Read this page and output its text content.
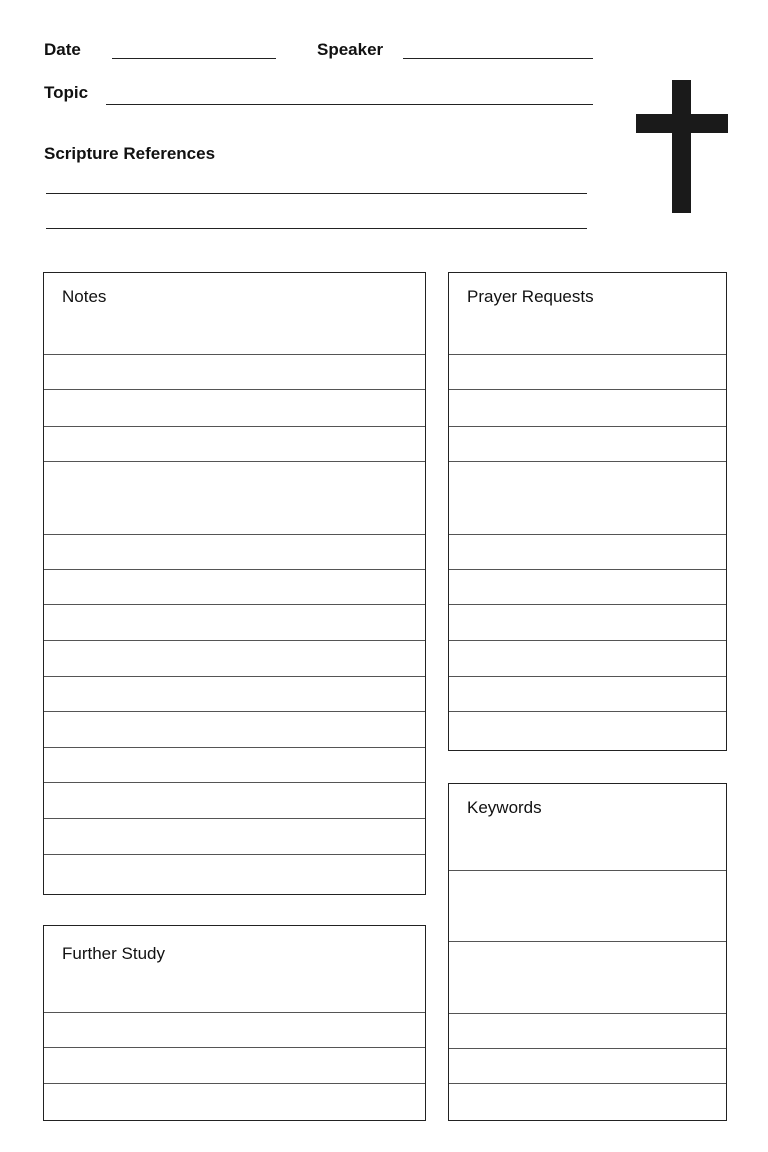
Date	Speaker
Topic
Scripture References
Notes	Prayer Requests
Keywords
Further Study
